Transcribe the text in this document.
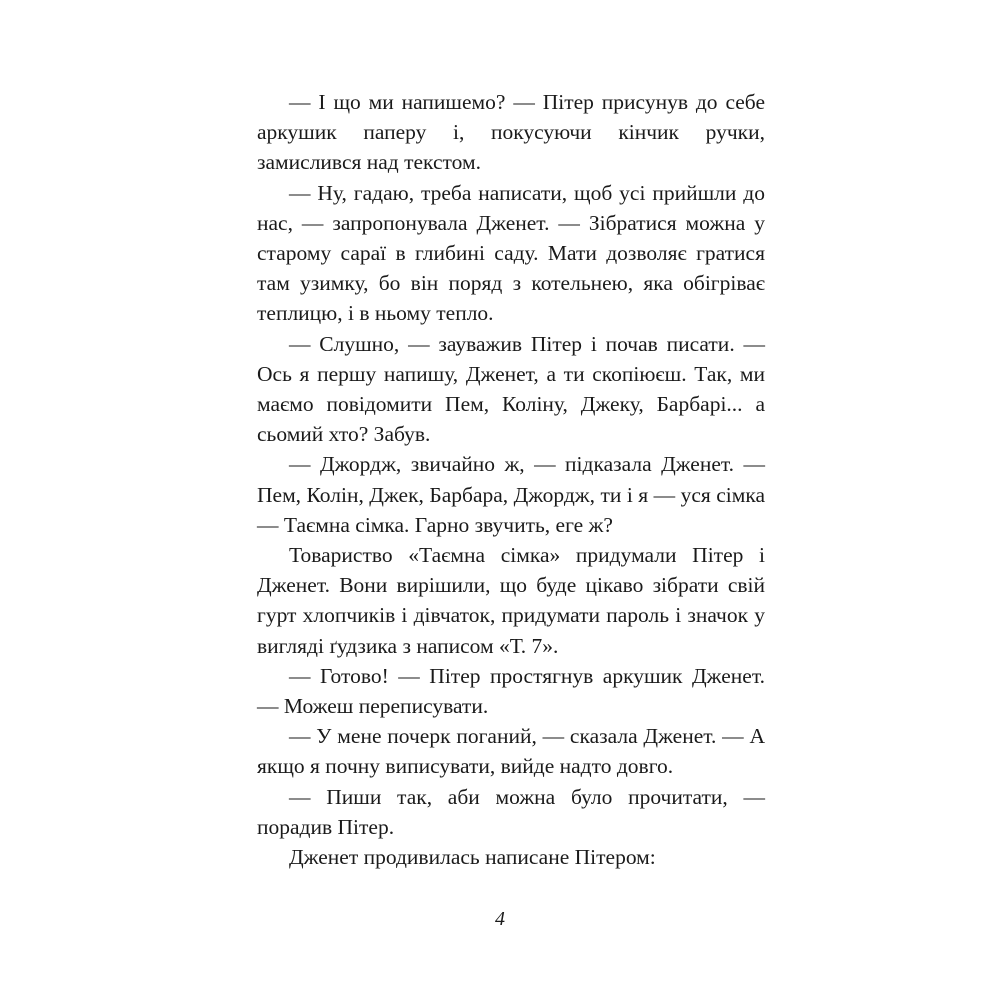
— І що ми напишемо? — Пітер присунув до себе аркушик паперу і, покусуючи кінчик ручки, замислився над текстом.

— Ну, гадаю, треба написати, щоб усі прийшли до нас, — запропонувала Дженет. — Зібратися можна у старому сараї в глибині саду. Мати дозволяє гратися там узимку, бо він поряд з котельнею, яка обігріває теплицю, і в ньому тепло.

— Слушно, — зауважив Пітер і почав писати. — Ось я першу напишу, Дженет, а ти скопіюєш. Так, ми маємо повідомити Пем, Коліну, Джеку, Барбарі... а сьомий хто? Забув.

— Джордж, звичайно ж, — підказала Дженет. — Пем, Колін, Джек, Барбара, Джордж, ти і я — уся сімка — Таємна сімка. Гарно звучить, еге ж?

Товариство «Таємна сімка» придумали Пітер і Дженет. Вони вирішили, що буде цікаво зібрати свій гурт хлопчиків і дівчаток, придумати пароль і значок у вигляді ґудзика з написом «Т. 7».

— Готово! — Пітер простягнув аркушик Дженет. — Можеш переписувати.

— У мене почерк поганий, — сказала Дженет. — А якщо я почну виписувати, вийде надто довго.

— Пиши так, аби можна було прочитати, — порадив Пітер.

Дженет продивилась написане Пітером:

4
